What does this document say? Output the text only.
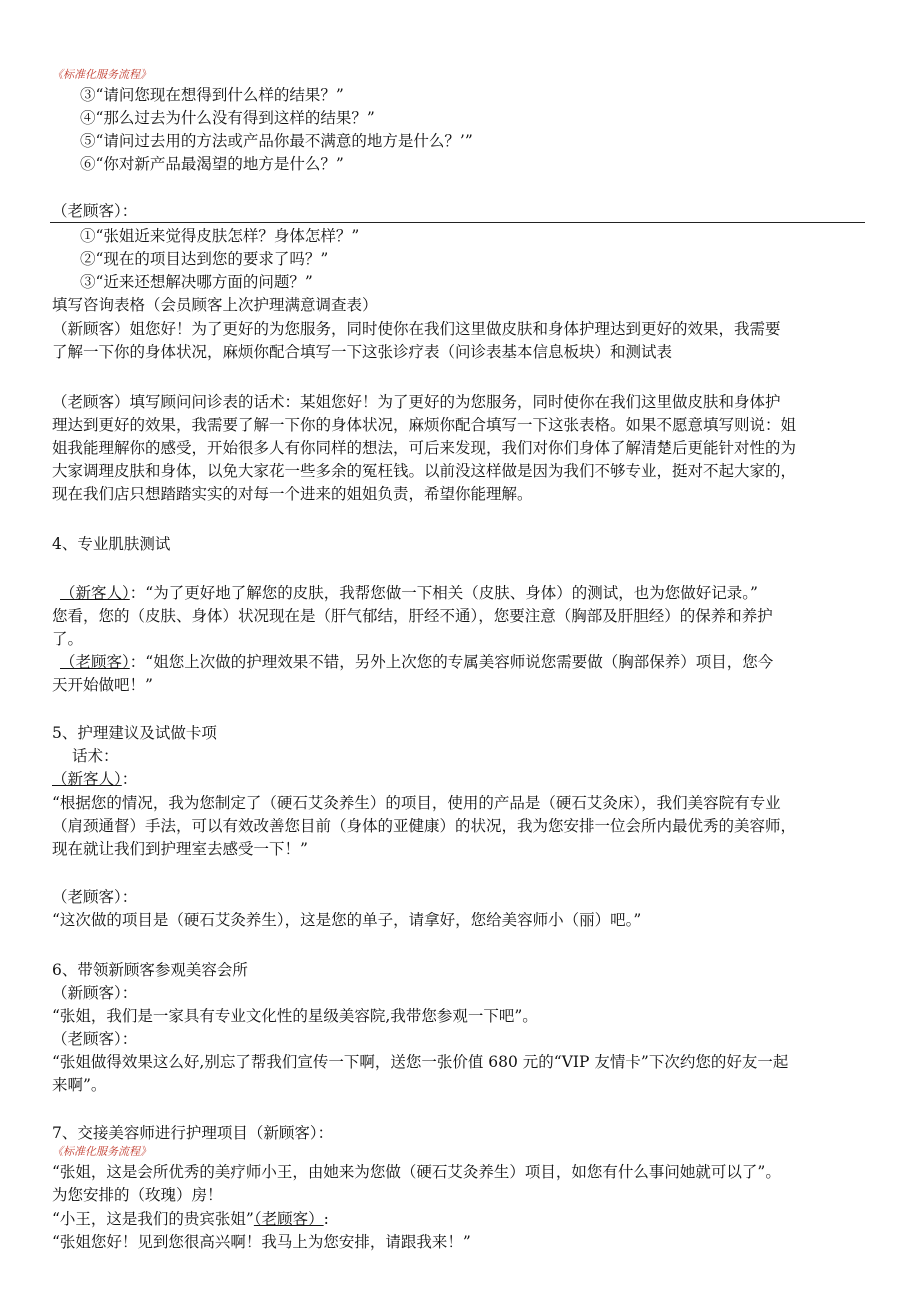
《标准化服务流程》
③“请问您现在想得到什么样的结果？”
④“那么过去为什么没有得到这样的结果？”
⑤“请问过去用的方法或产品你最不满意的地方是什么？’”
⑥“你对新产品最渴望的地方是什么？”
（老顾客）：
①“张姐近来觉得皮肤怎样？身体怎样？”
②“现在的项目达到您的要求了吗？”
③“近来还想解决哪方面的问题？”
填写咨询表格（会员顾客上次护理满意调查表）
（新顾客）姐您好！为了更好的为您服务，同时使你在我们这里做皮肤和身体护理达到更好的效果，我需要
了解一下你的身体状况，麻烦你配合填写一下这张诊疗表（问诊表基本信息板块）和测试表
（老顾客）填写顾问问诊表的话术：某姐您好！为了更好的为您服务，同时使你在我们这里做皮肤和身体护
理达到更好的效果，我需要了解一下你的身体状况，麻烦你配合填写一下这张表格。如果不愿意填写则说：姐
姐我能理解你的感受，开始很多人有你同样的想法，可后来发现，我们对你们身体了解清楚后更能针对性的为
大家调理皮肤和身体，以免大家花一些多余的冤枉钱。以前没这样做是因为我们不够专业，挺对不起大家的，
现在我们店只想踏踏实实的对每一个进来的姐姐负责，希望你能理解。
4、专业肌肤测试
（新客人）：“为了更好地了解您的皮肤，我帮您做一下相关（皮肤、身体）的测试，也为您做好记录。”
您看，您的（皮肤、身体）状况现在是（肝气郁结，肝经不通），您要注意（胸部及肝胆经）的保养和养护
了。
（老顾客）：“姐您上次做的护理效果不错，另外上次您的专属美容师说您需要做（胸部保养）项目，您今
天开始做吧！”
5、护理建议及试做卡项
话术：
（新客人）：
“根据您的情况，我为您制定了（硬石艾灸养生）的项目，使用的产品是（硬石艾灸床），我们美容院有专业
（肩颈通督）手法，可以有效改善您目前（身体的亚健康）的状况，我为您安排一位会所内最优秀的美容师，
现在就让我们到护理室去感受一下！”
（老顾客）：
“这次做的项目是（硬石艾灸养生），这是您的单子，请拿好，您给美容师小（丽）吧。”
6、带领新顾客参观美容会所
（新顾客）：
“张姐，我们是一家具有专业文化性的星级美容院,我带您参观一下吧”。
（老顾客）：
“张姐做得效果这么好,别忘了帮我们宣传一下啊，送您一张价值 680 元的“VIP 友情卡”下次约您的好友一起
来啊”。
7、交接美容师进行护理项目（新顾客）：
《标准化服务流程》
“张姐，这是会所优秀的美疗师小王，由她来为您做（硬石艾灸养生）项目，如您有什么事问她就可以了”。
为您安排的（玫瑰）房！
“小王，这是我们的贵宾张姐”（老顾客）:
“张姐您好！见到您很高兴啊！我马上为您安排，请跟我来！”
